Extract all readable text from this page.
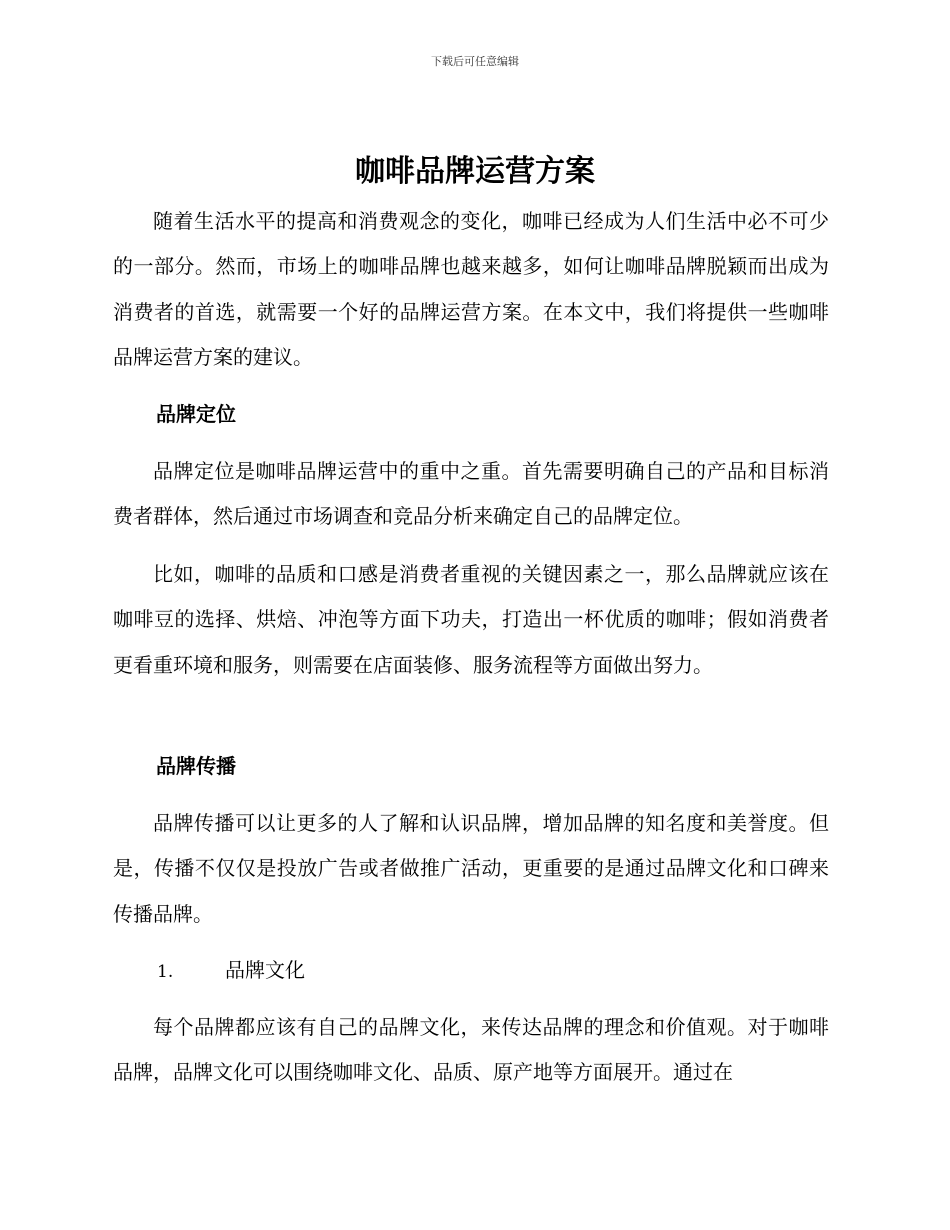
下载后可任意编辑
咖啡品牌运营方案

随着生活水平的提高和消费观念的变化，咖啡已经成为人们生活中必不可少的一部分。然而，市场上的咖啡品牌也越来越多，如何让咖啡品牌脱颖而出成为消费者的首选，就需要一个好的品牌运营方案。在本文中，我们将提供一些咖啡品牌运营方案的建议。

品牌定位

品牌定位是咖啡品牌运营中的重中之重。首先需要明确自己的产品和目标消费者群体，然后通过市场调查和竞品分析来确定自己的品牌定位。

比如，咖啡的品质和口感是消费者重视的关键因素之一，那么品牌就应该在咖啡豆的选择、烘焙、冲泡等方面下功夫，打造出一杯优质的咖啡；假如消费者更看重环境和服务，则需要在店面装修、服务流程等方面做出努力。

品牌传播

品牌传播可以让更多的人了解和认识品牌，增加品牌的知名度和美誉度。但是，传播不仅仅是投放广告或者做推广活动，更重要的是通过品牌文化和口碑来传播品牌。

1.	品牌文化

每个品牌都应该有自己的品牌文化，来传达品牌的理念和价值观。对于咖啡品牌，品牌文化可以围绕咖啡文化、品质、原产地等方面展开。通过在
